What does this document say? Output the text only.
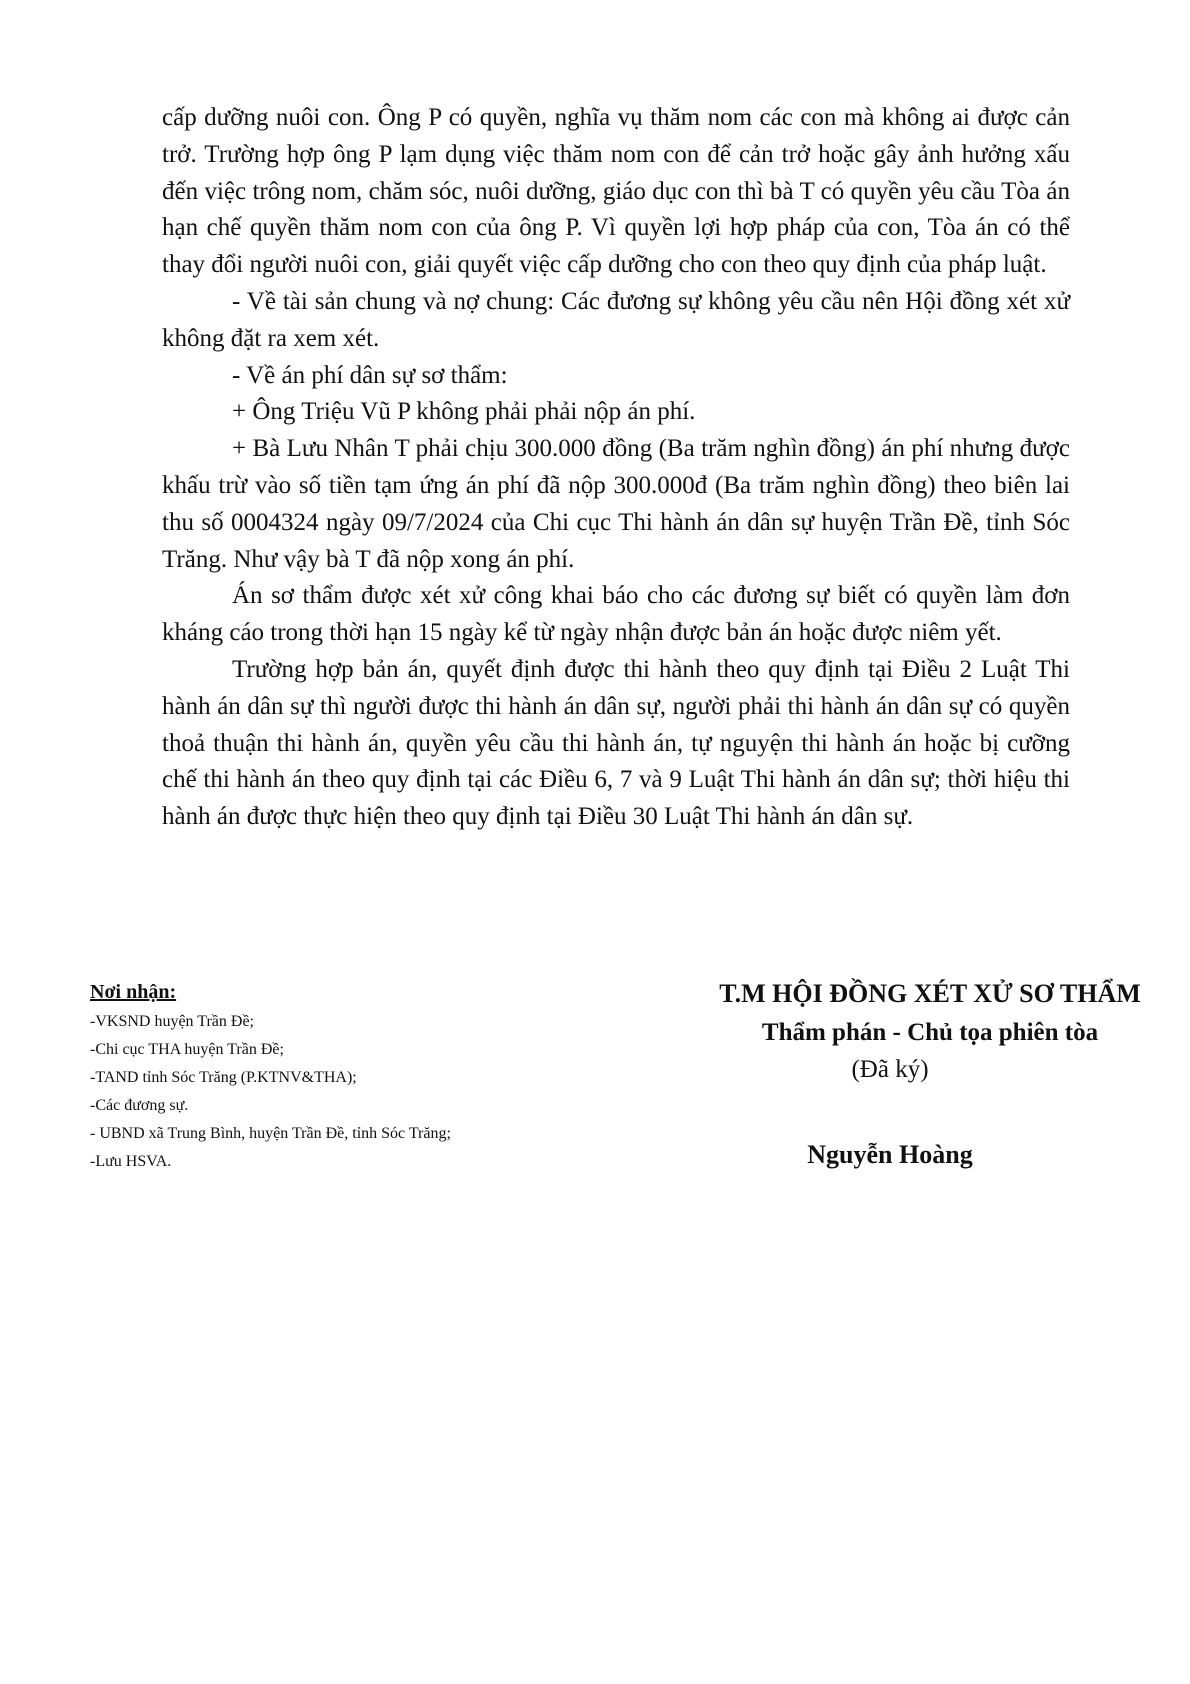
cấp dưỡng nuôi con. Ông P có quyền, nghĩa vụ thăm nom các con mà không ai được cản trở. Trường hợp ông P lạm dụng việc thăm nom con để cản trở hoặc gây ảnh hưởng xấu đến việc trông nom, chăm sóc, nuôi dưỡng, giáo dục con thì bà T có quyền yêu cầu Tòa án hạn chế quyền thăm nom con của ông P. Vì quyền lợi hợp pháp của con, Tòa án có thể thay đổi người nuôi con, giải quyết việc cấp dưỡng cho con theo quy định của pháp luật.

- Về tài sản chung và nợ chung: Các đương sự không yêu cầu nên Hội đồng xét xử không đặt ra xem xét.

- Về án phí dân sự sơ thẩm:

+ Ông Triệu Vũ P không phải phải nộp án phí.

+ Bà Lưu Nhân T phải chịu 300.000 đồng (Ba trăm nghìn đồng) án phí nhưng được khấu trừ vào số tiền tạm ứng án phí đã nộp 300.000đ (Ba trăm nghìn đồng) theo biên lai thu số 0004324 ngày 09/7/2024 của Chi cục Thi hành án dân sự huyện Trần Đề, tỉnh Sóc Trăng. Như vậy bà T đã nộp xong án phí.

Án sơ thẩm được xét xử công khai báo cho các đương sự biết có quyền làm đơn kháng cáo trong thời hạn 15 ngày kể từ ngày nhận được bản án hoặc được niêm yết.

Trường hợp bản án, quyết định được thi hành theo quy định tại Điều 2 Luật Thi hành án dân sự thì người được thi hành án dân sự, người phải thi hành án dân sự có quyền thoả thuận thi hành án, quyền yêu cầu thi hành án, tự nguyện thi hành án hoặc bị cưỡng chế thi hành án theo quy định tại các Điều 6, 7 và 9 Luật Thi hành án dân sự; thời hiệu thi hành án được thực hiện theo quy định tại Điều 30 Luật Thi hành án dân sự.

Nơi nhận:
-VKSND huyện Trần Đề;
-Chi cục THA huyện Trần Đề;
-TAND tỉnh Sóc Trăng (P.KTNV&THA);
-Các đương sự.
- UBND xã Trung Bình, huyện Trần Đề, tỉnh Sóc Trăng;
-Lưu HSVA.
T.M HỘI ĐỒNG XÉT XỬ SƠ THẨM
Thẩm phán - Chủ tọa phiên tòa
(Đã ký)
Nguyễn Hoàng
